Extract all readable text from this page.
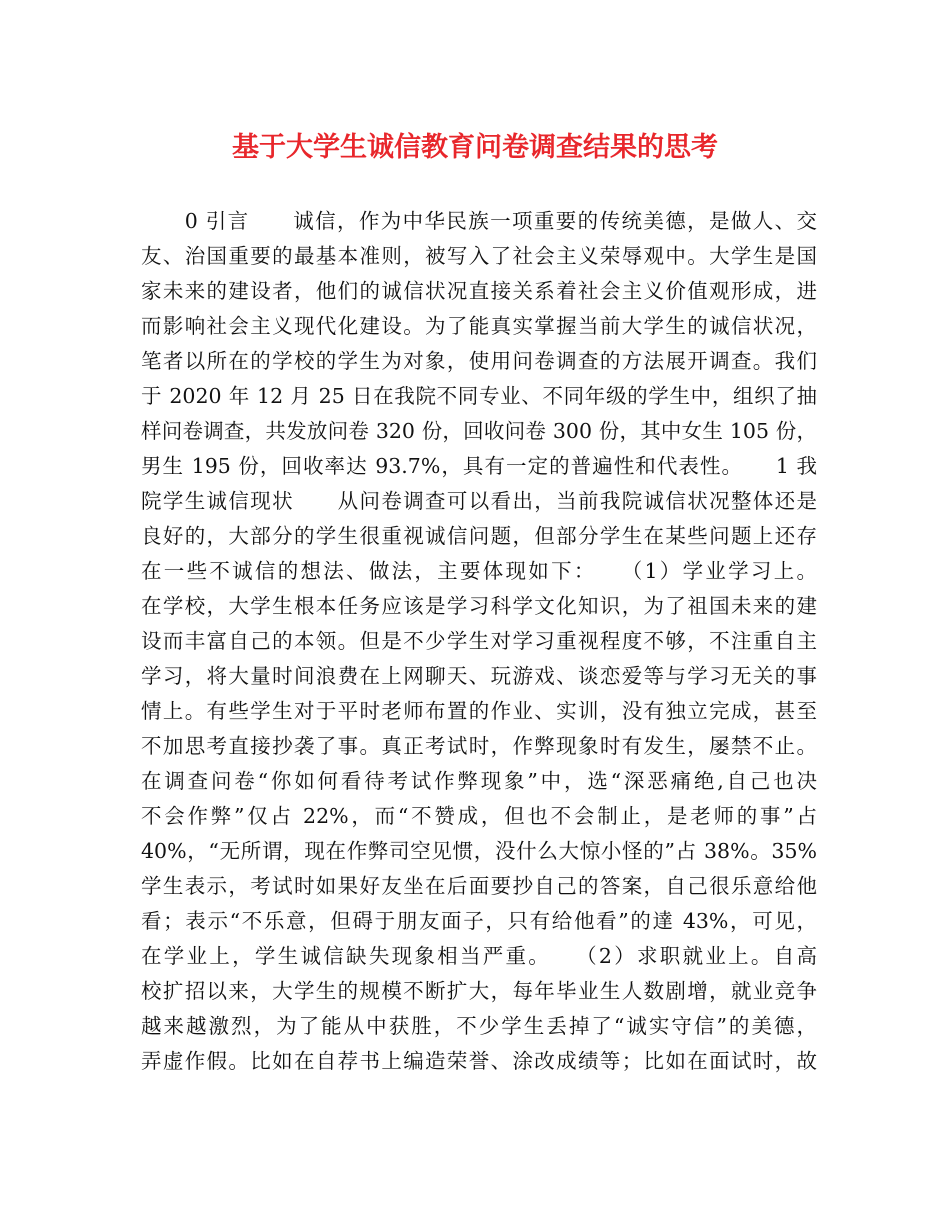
基于大学生诚信教育问卷调查结果的思考
　　0 引言　　诚信，作为中华民族一项重要的传统美德，是做人、交
友、治国重要的最基本准则，被写入了社会主义荣辱观中。大学生是国
家未来的建设者，他们的诚信状况直接关系着社会主义价值观形成，进
而影响社会主义现代化建设。为了能真实掌握当前大学生的诚信状况，
笔者以所在的学校的学生为对象，使用问卷调查的方法展开调查。我们
于 2020 年 12 月 25 日在我院不同专业、不同年级的学生中，组织了抽
样问卷调查，共发放问卷 320 份，回收问卷 300 份，其中女生 105 份，
男生 195 份，回收率达 93.7%，具有一定的普遍性和代表性。　　1 我
院学生诚信现状　　从问卷调查可以看出，当前我院诚信状况整体还是
良好的，大部分的学生很重视诚信问题，但部分学生在某些问题上还存
在一些不诚信的想法、做法，主要体现如下：　　（1）学业学习上。
在学校，大学生根本任务应该是学习科学文化知识，为了祖国未来的建
设而丰富自己的本领。但是不少学生对学习重视程度不够，不注重自主
学习，将大量时间浪费在上网聊天、玩游戏、谈恋爱等与学习无关的事
情上。有些学生对于平时老师布置的作业、实训，没有独立完成，甚至
不加思考直接抄袭了事。真正考试时，作弊现象时有发生，屡禁不止。
在调查问卷“你如何看待考试作弊现象”中，选“深恶痛绝,自己也决
不会作弊”仅占 22%，而“不赞成，但也不会制止，是老师的事”占
40%，“无所谓，现在作弊司空见惯，没什么大惊小怪的”占 38%。35%
学生表示，考试时如果好友坐在后面要抄自己的答案，自己很乐意给他
看；表示“不乐意，但碍于朋友面子，只有给他看”的達 43%，可见，
在学业上，学生诚信缺失现象相当严重。　　（2）求职就业上。自高
校扩招以来，大学生的规模不断扩大，每年毕业生人数剧增，就业竞争
越来越激烈，为了能从中获胜，不少学生丢掉了“诚实守信”的美德，
弄虚作假。比如在自荐书上编造荣誉、涂改成绩等；比如在面试时，故
